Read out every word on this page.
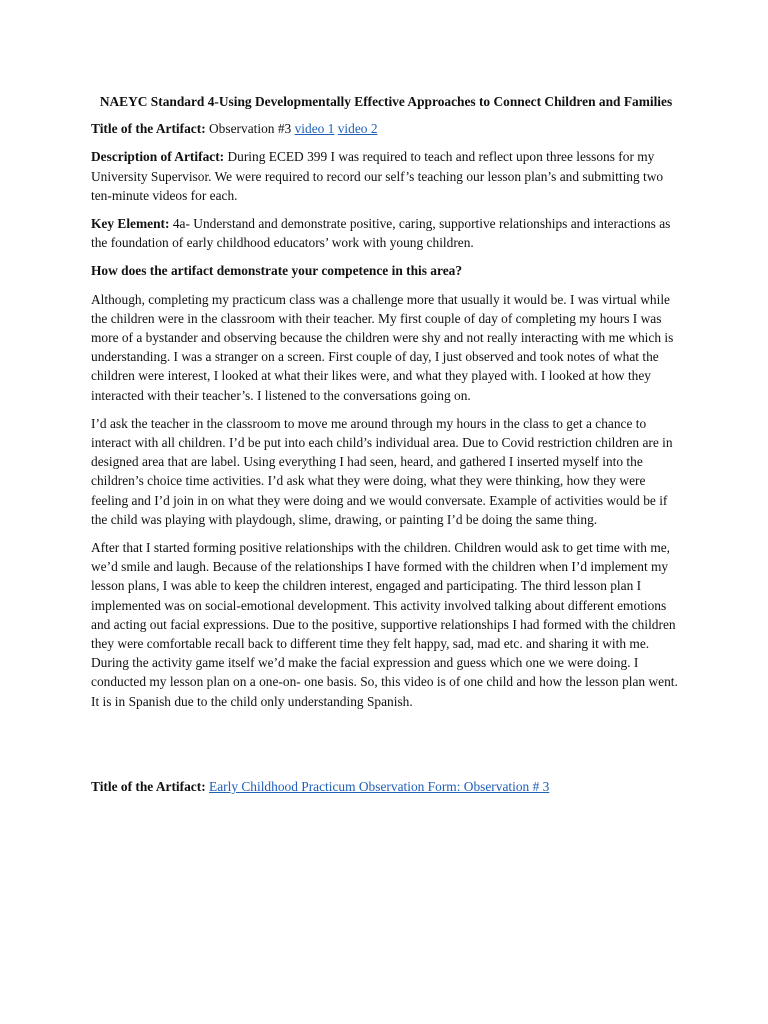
NAEYC Standard 4-Using Developmentally Effective Approaches to Connect Children and Families

Title of the Artifact: Observation #3 video 1 video 2

Description of Artifact: During ECED 399 I was required to teach and reflect upon three lessons for my University Supervisor. We were required to record our self’s teaching our lesson plan’s and submitting two ten-minute videos for each.

Key Element: 4a- Understand and demonstrate positive, caring, supportive relationships and interactions as the foundation of early childhood educators’ work with young children.

How does the artifact demonstrate your competence in this area?

Although, completing my practicum class was a challenge more that usually it would be. I was virtual while the children were in the classroom with their teacher. My first couple of day of completing my hours I was more of a bystander and observing because the children were shy and not really interacting with me which is understanding. I was a stranger on a screen. First couple of day, I just observed and took notes of what the children were interest, I looked at what their likes were, and what they played with. I looked at how they interacted with their teacher’s. I listened to the conversations going on.

I’d ask the teacher in the classroom to move me around through my hours in the class to get a chance to interact with all children. I’d be put into each child’s individual area. Due to Covid restriction children are in designed area that are label. Using everything I had seen, heard, and gathered I inserted myself into the children’s choice time activities. I’d ask what they were doing, what they were thinking, how they were feeling and I’d join in on what they were doing and we would conversate. Example of activities would be if the child was playing with playdough, slime, drawing, or painting I’d be doing the same thing.

After that I started forming positive relationships with the children. Children would ask to get time with me, we’d smile and laugh. Because of the relationships I have formed with the children when I’d implement my lesson plans, I was able to keep the children interest, engaged and participating. The third lesson plan I implemented was on social-emotional development. This activity involved talking about different emotions and acting out facial expressions. Due to the positive, supportive relationships I had formed with the children they were comfortable recall back to different time they felt happy, sad, mad etc. and sharing it with me. During the activity game itself we’d make the facial expression and guess which one we were doing. I conducted my lesson plan on a one-on- one basis. So, this video is of one child and how the lesson plan went. It is in Spanish due to the child only understanding Spanish.

Title of the Artifact: Early Childhood Practicum Observation Form: Observation # 3
